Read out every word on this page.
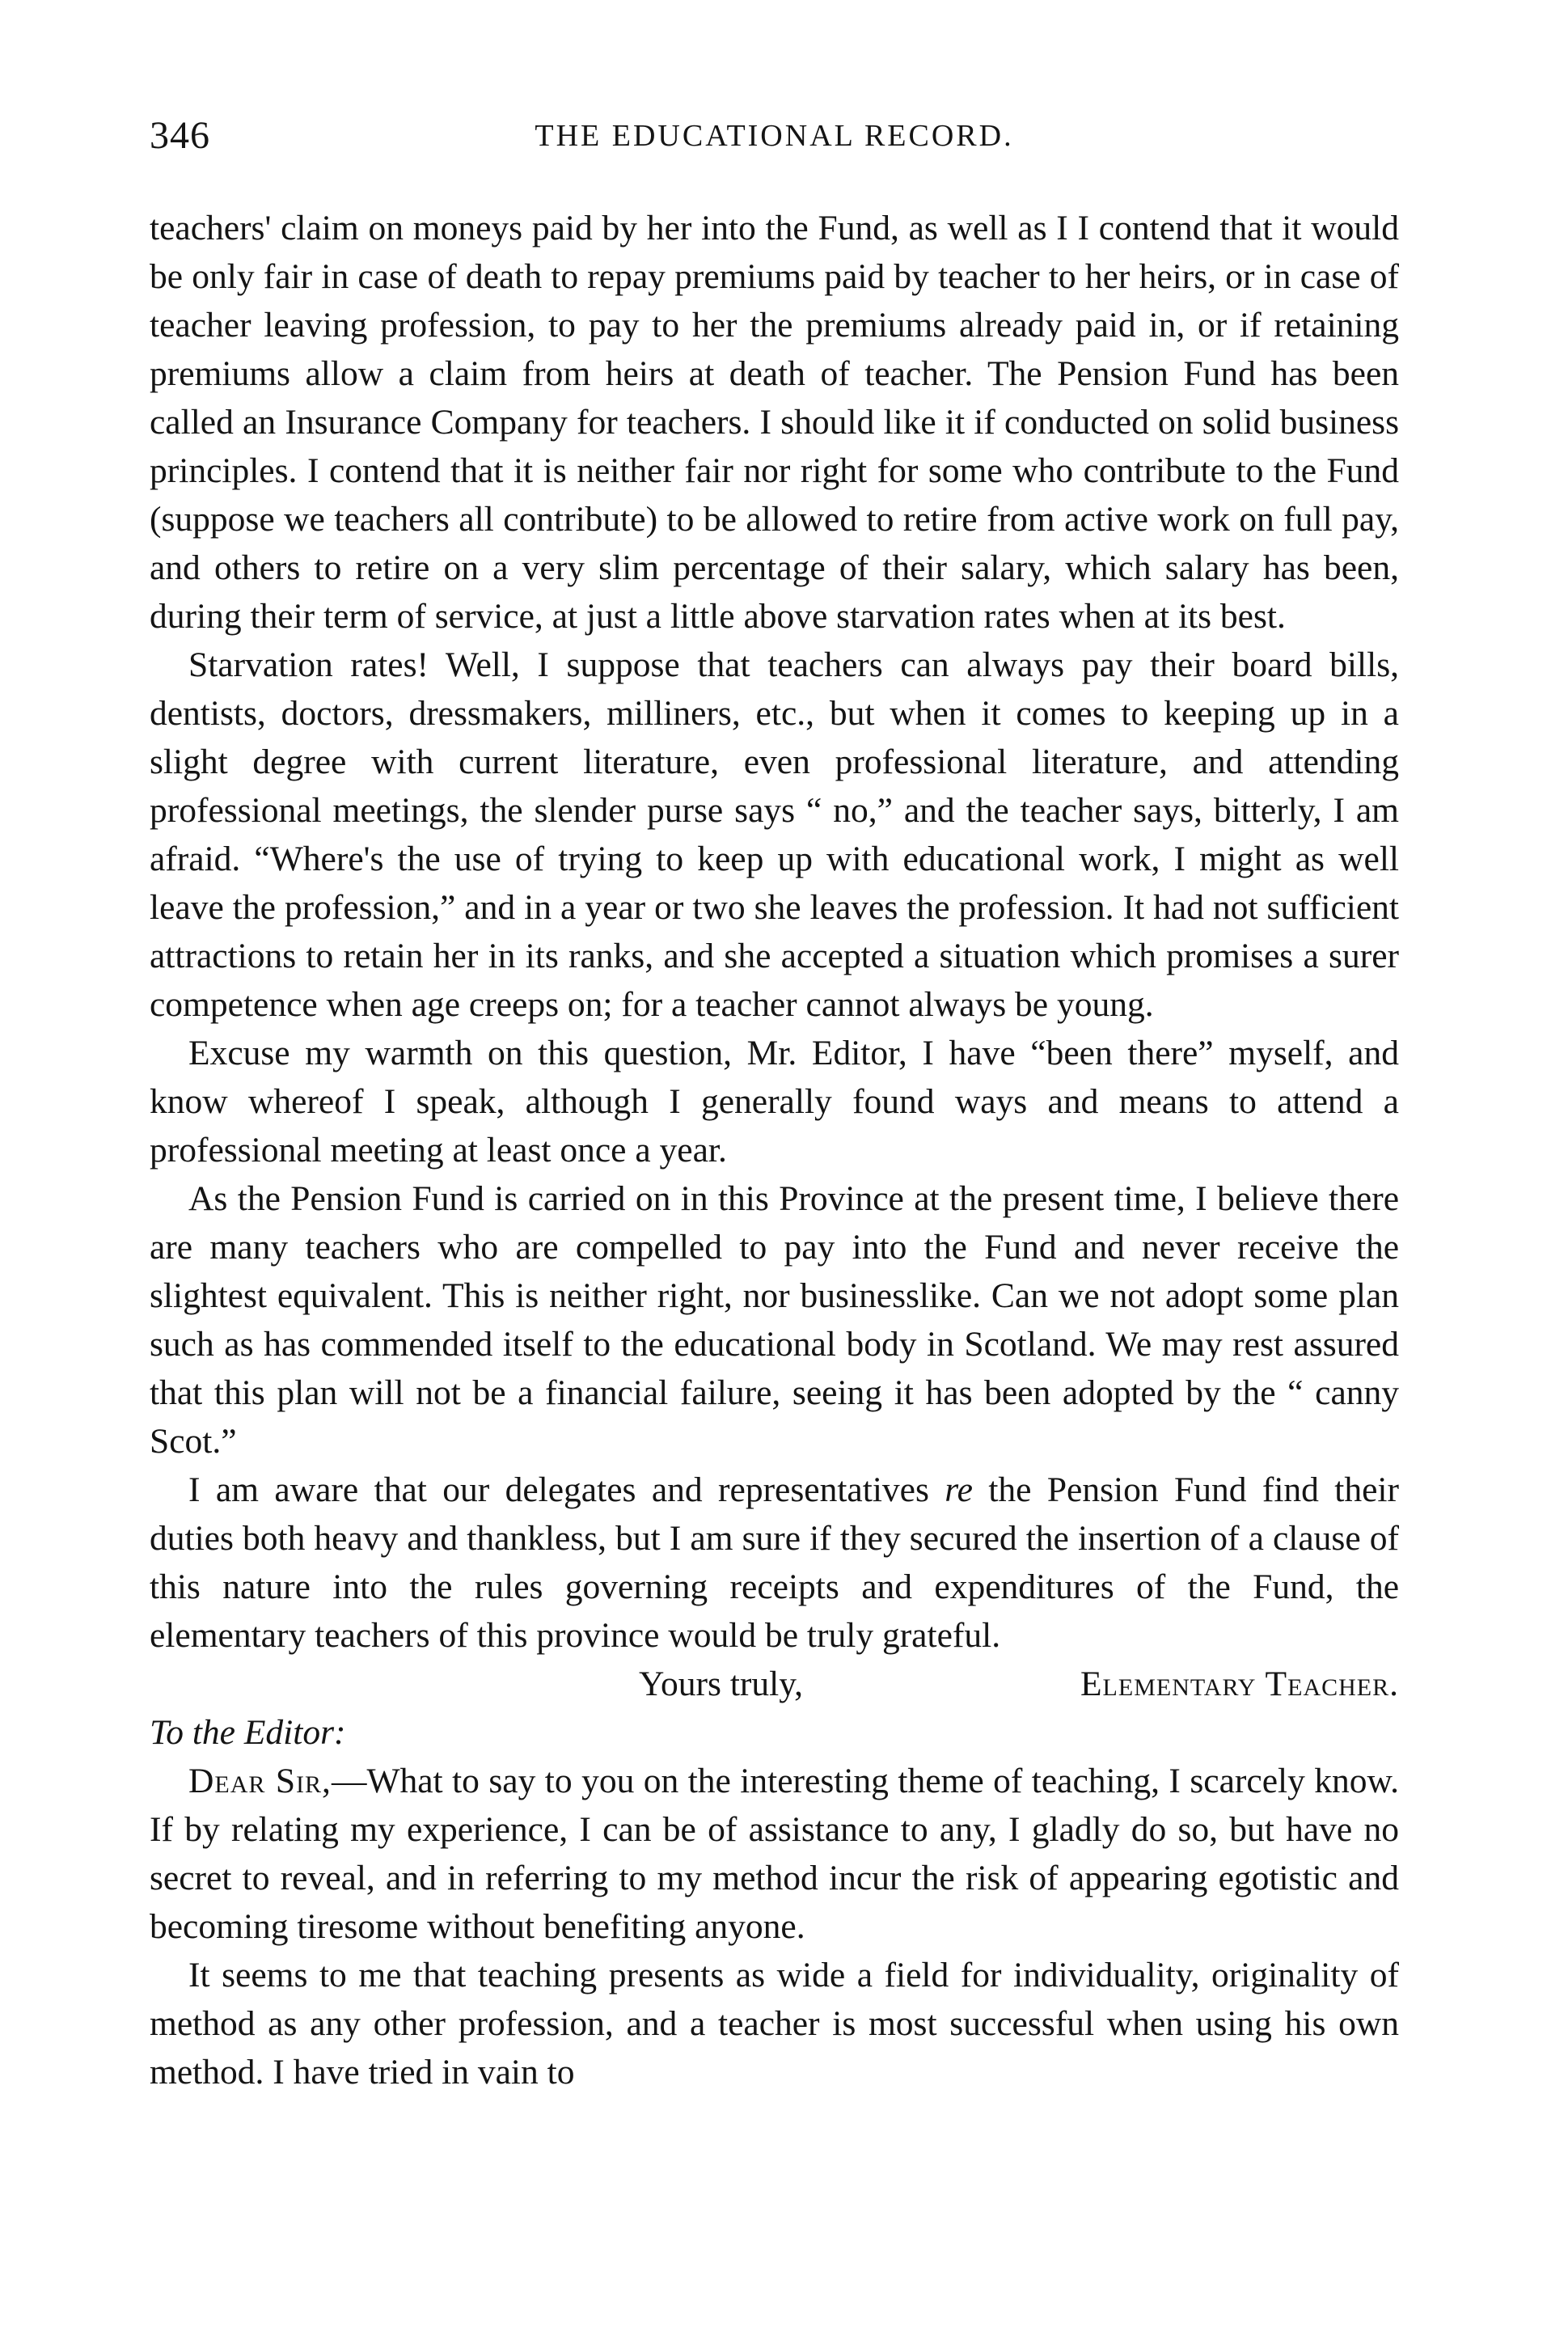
346	THE EDUCATIONAL RECORD.

teachers' claim on moneys paid by her into the Fund, as well as I I contend that it would be only fair in case of death to repay premiums paid by teacher to her heirs, or in case of teacher leaving profession, to pay to her the premiums already paid in, or if retaining premiums allow a claim from heirs at death of teacher. The Pension Fund has been called an Insurance Company for teachers. I should like it if conducted on solid business principles. I contend that it is neither fair nor right for some who contribute to the Fund (suppose we teachers all contribute) to be allowed to retire from active work on full pay, and others to retire on a very slim percentage of their salary, which salary has been, during their term of service, at just a little above starvation rates when at its best.

Starvation rates! Well, I suppose that teachers can always pay their board bills, dentists, doctors, dressmakers, milliners, etc., but when it comes to keeping up in a slight degree with current literature, even professional literature, and attending professional meetings, the slender purse says “ no,” and the teacher says, bitterly, I am afraid. “Where's the use of trying to keep up with educational work, I might as well leave the profession,” and in a year or two she leaves the profession. It had not sufficient attractions to retain her in its ranks, and she accepted a situation which promises a surer competence when age creeps on; for a teacher cannot always be young.

Excuse my warmth on this question, Mr. Editor, I have “been there” myself, and know whereof I speak, although I generally found ways and means to attend a professional meeting at least once a year.

As the Pension Fund is carried on in this Province at the present time, I believe there are many teachers who are compelled to pay into the Fund and never receive the slightest equivalent. This is neither right, nor businesslike. Can we not adopt some plan such as has commended itself to the educational body in Scotland. We may rest assured that this plan will not be a financial failure, seeing it has been adopted by the “ canny Scot.”

I am aware that our delegates and representatives re the Pension Fund find their duties both heavy and thankless, but I am sure if they secured the insertion of a clause of this nature into the rules governing receipts and expenditures of the Fund, the elementary teachers of this province would be truly grateful.

Yours truly,	Elementary Teacher.

To the Editor:

Dear Sir,—What to say to you on the interesting theme of teaching, I scarcely know. If by relating my experience, I can be of assistance to any, I gladly do so, but have no secret to reveal, and in referring to my method incur the risk of appearing egotistic and becoming tiresome without benefiting anyone.

It seems to me that teaching presents as wide a field for individuality, originality of method as any other profession, and a teacher is most successful when using his own method. I have tried in vain to
